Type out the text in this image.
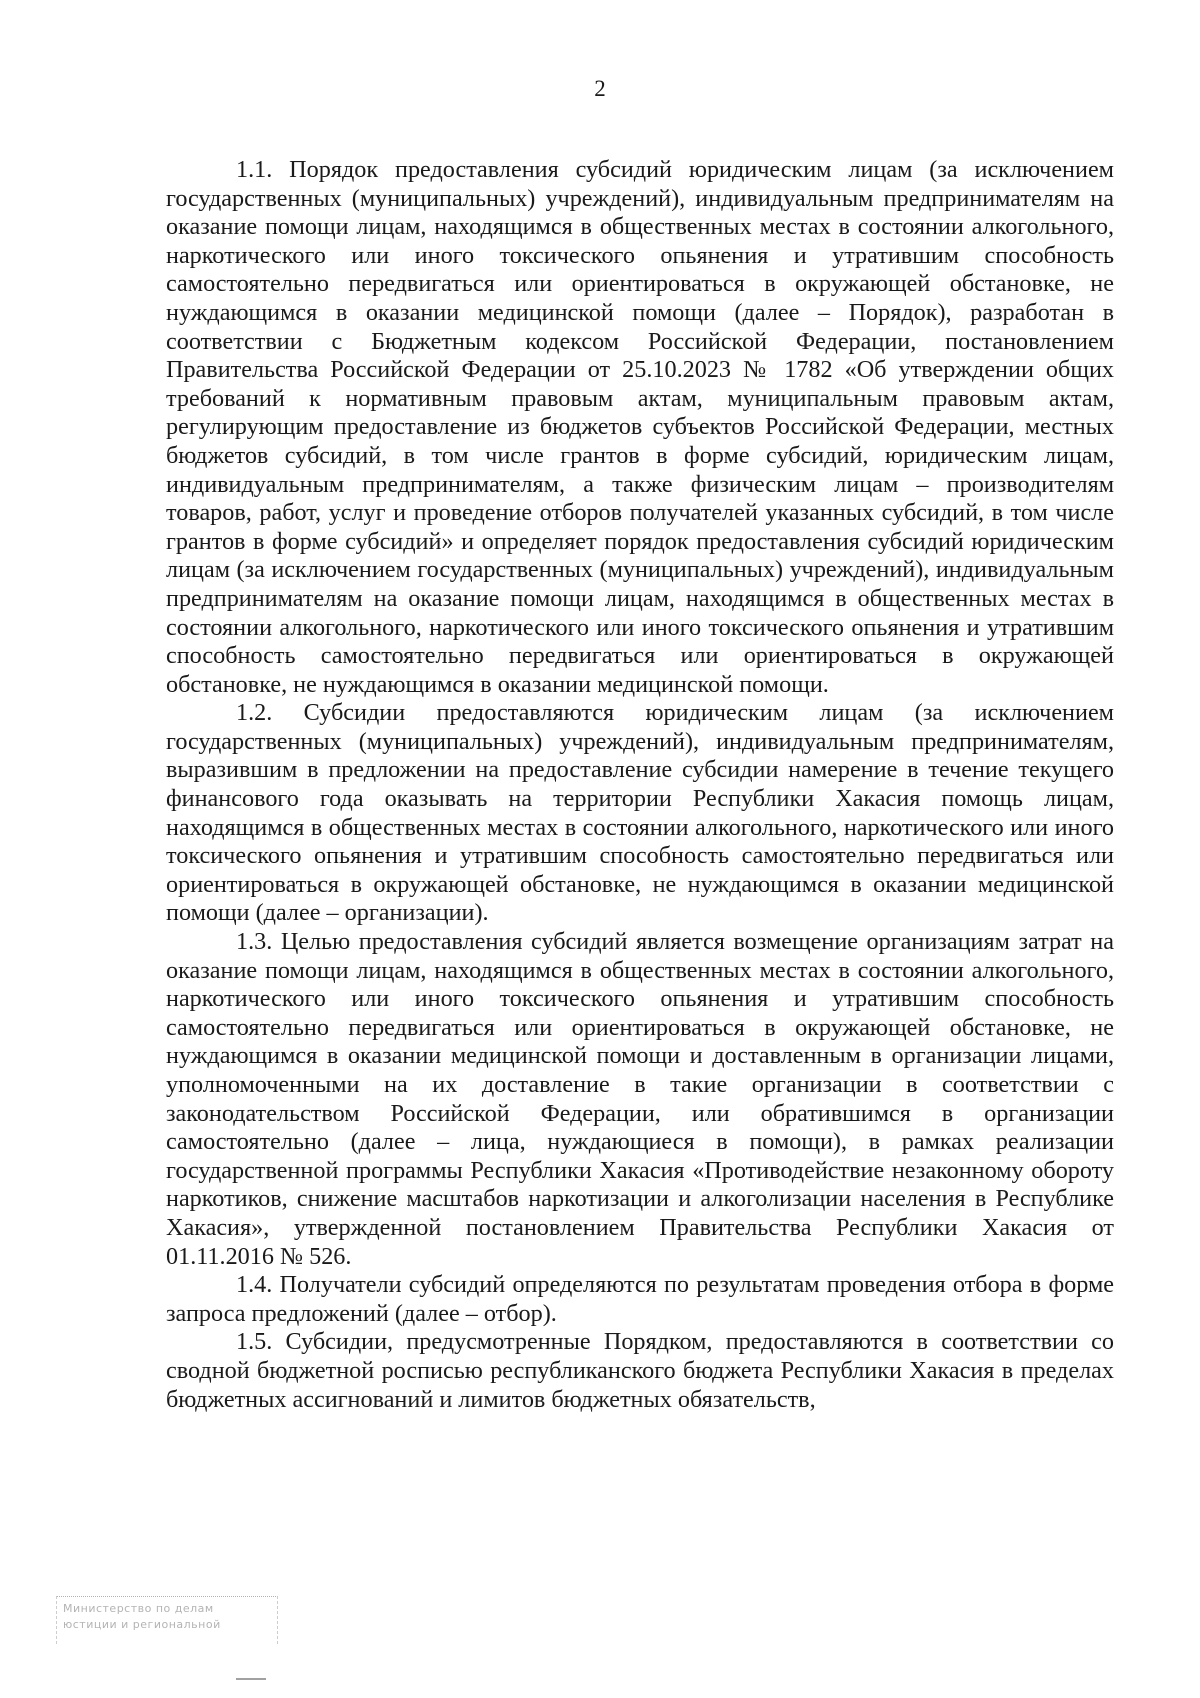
2

1.1. Порядок предоставления субсидий юридическим лицам (за исключением государственных (муниципальных) учреждений), индивидуальным предпринимателям на оказание помощи лицам, находящимся в общественных местах в состоянии алкогольного, наркотического или иного токсического опьянения и утратившим способность самостоятельно передвигаться или ориентироваться в окружающей обстановке, не нуждающимся в оказании медицинской помощи (далее – Порядок), разработан в соответствии с Бюджетным кодексом Российской Федерации, постановлением Правительства Российской Федерации от 25.10.2023 № 1782 «Об утверждении общих требований к нормативным правовым актам, муниципальным правовым актам, регулирующим предоставление из бюджетов субъектов Российской Федерации, местных бюджетов субсидий, в том числе грантов в форме субсидий, юридическим лицам, индивидуальным предпринимателям, а также физическим лицам – производителям товаров, работ, услуг и проведение отборов получателей указанных субсидий, в том числе грантов в форме субсидий» и определяет порядок предоставления субсидий юридическим лицам (за исключением государственных (муниципальных) учреждений), индивидуальным предпринимателям на оказание помощи лицам, находящимся в общественных местах в состоянии алкогольного, наркотического или иного токсического опьянения и утратившим способность самостоятельно передвигаться или ориентироваться в окружающей обстановке, не нуждающимся в оказании медицинской помощи.

1.2. Субсидии предоставляются юридическим лицам (за исключением государственных (муниципальных) учреждений), индивидуальным предпринимателям, выразившим в предложении на предоставление субсидии намерение в течение текущего финансового года оказывать на территории Республики Хакасия помощь лицам, находящимся в общественных местах в состоянии алкогольного, наркотического или иного токсического опьянения и утратившим способность самостоятельно передвигаться или ориентироваться в окружающей обстановке, не нуждающимся в оказании медицинской помощи (далее – организации).

1.3. Целью предоставления субсидий является возмещение организациям затрат на оказание помощи лицам, находящимся в общественных местах в состоянии алкогольного, наркотического или иного токсического опьянения и утратившим способность самостоятельно передвигаться или ориентироваться в окружающей обстановке, не нуждающимся в оказании медицинской помощи и доставленным в организации лицами, уполномоченными на их доставление в такие организации в соответствии с законодательством Российской Федерации, или обратившимся в организации самостоятельно (далее – лица, нуждающиеся в помощи), в рамках реализации государственной программы Республики Хакасия «Противодействие незаконному обороту наркотиков, снижение масштабов наркотизации и алкоголизации населения в Республике Хакасия», утвержденной постановлением Правительства Республики Хакасия от 01.11.2016 № 526.

1.4. Получатели субсидий определяются по результатам проведения отбора в форме запроса предложений (далее – отбор).

1.5. Субсидии, предусмотренные Порядком, предоставляются в соответствии со сводной бюджетной росписью республиканского бюджета Республики Хакасия в пределах бюджетных ассигнований и лимитов бюджетных обязательств,

Министерство по делам
юстиции и региональной
